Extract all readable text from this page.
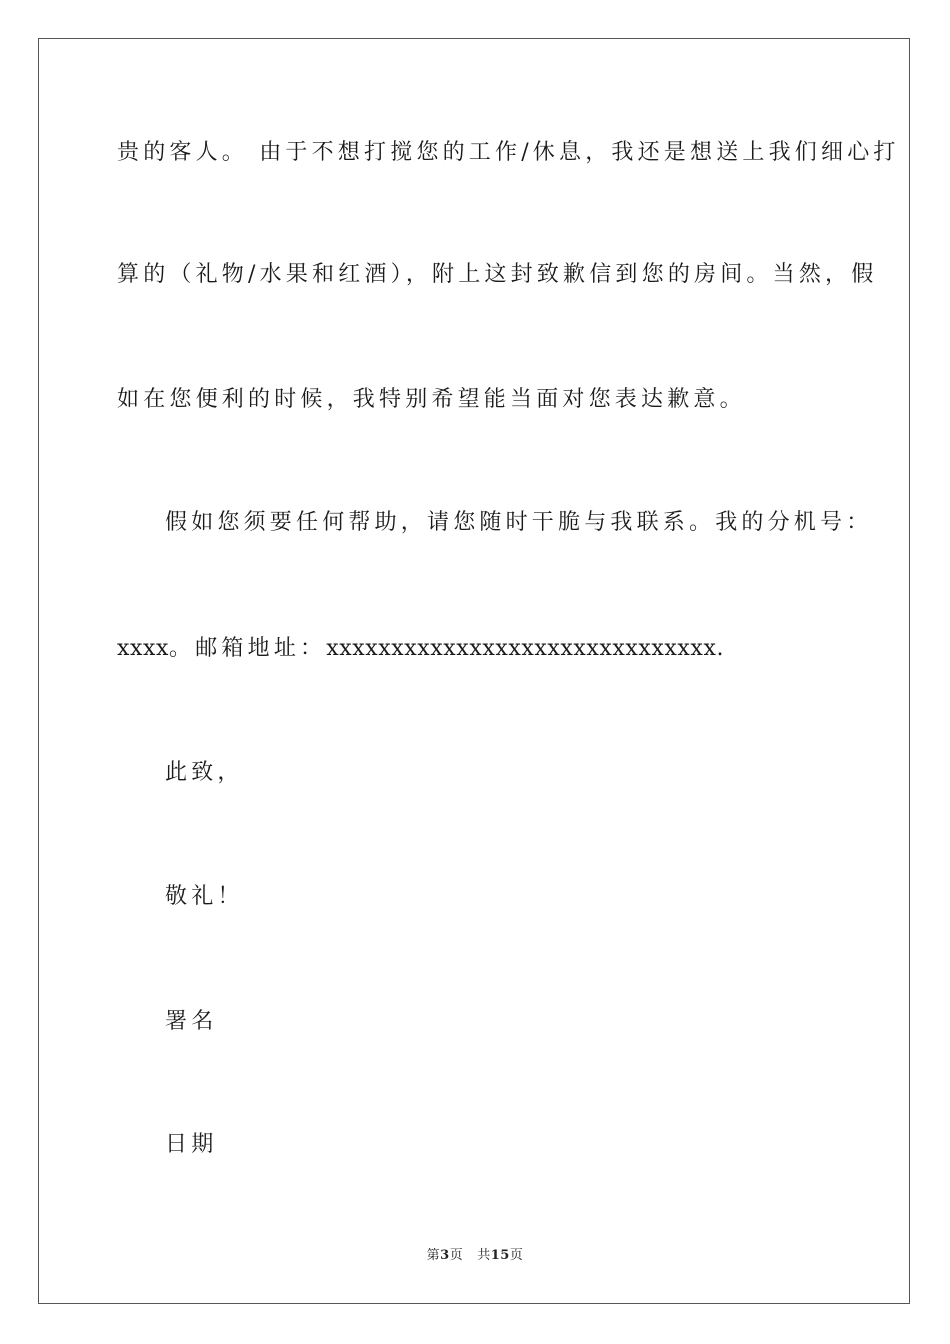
贵的客人。 由于不想打搅您的工作/休息，我还是想送上我们细心打
算的（礼物/水果和红酒），附上这封致歉信到您的房间。当然，假
如在您便利的时候，我特别希望能当面对您表达歉意。
假如您须要任何帮助，请您随时干脆与我联系。我的分机号：
xxxx。邮箱地址：xxxxxxxxxxxxxxxxxxxxxxxxxxxxxx.
此致，
敬礼！
署名
日期
第3页 共15页
